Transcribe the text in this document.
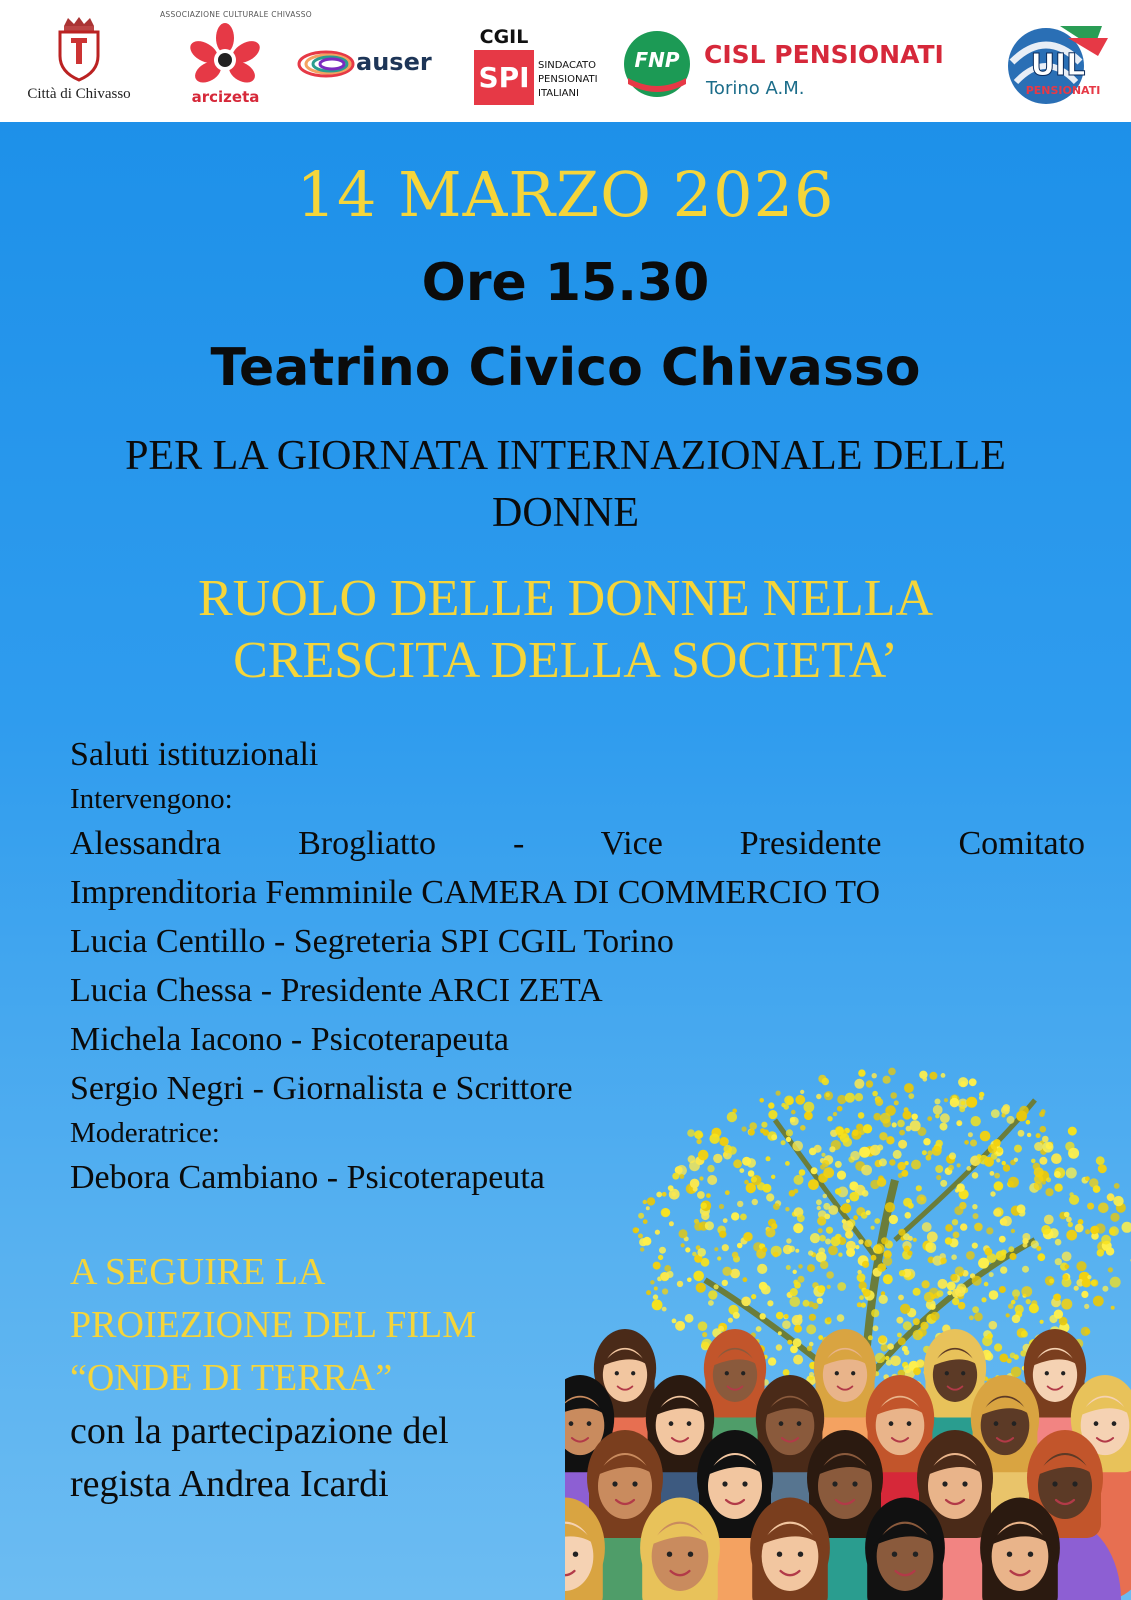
Città di Chivasso
ASSOCIAZIONE CULTURALE CHIVASSO
arcizeta
auser
CGIL
SPI SINDACATO
PENSIONATI
ITALIANI
FNP CISL PENSIONATI
Torino A.M.
UIL
PENSIONATI
14 MARZO 2026
Ore 15.30
Teatrino Civico Chivasso
PER LA GIORNATA INTERNAZIONALE DELLE
DONNE
RUOLO DELLE DONNE NELLA
CRESCITA DELLA SOCIETA’
Saluti istituzionali
Intervengono:
Alessandra Brogliatto - Vice Presidente Comitato
Imprenditoria Femminile CAMERA DI COMMERCIO TO
Lucia Centillo - Segreteria SPI CGIL Torino
Lucia Chessa - Presidente ARCI ZETA
Michela Iacono - Psicoterapeuta
Sergio Negri - Giornalista e Scrittore
Moderatrice:
Debora Cambiano - Psicoterapeuta
A SEGUIRE LA
PROIEZIONE DEL FILM
“ONDE DI TERRA”
con la partecipazione del
regista Andrea Icardi
